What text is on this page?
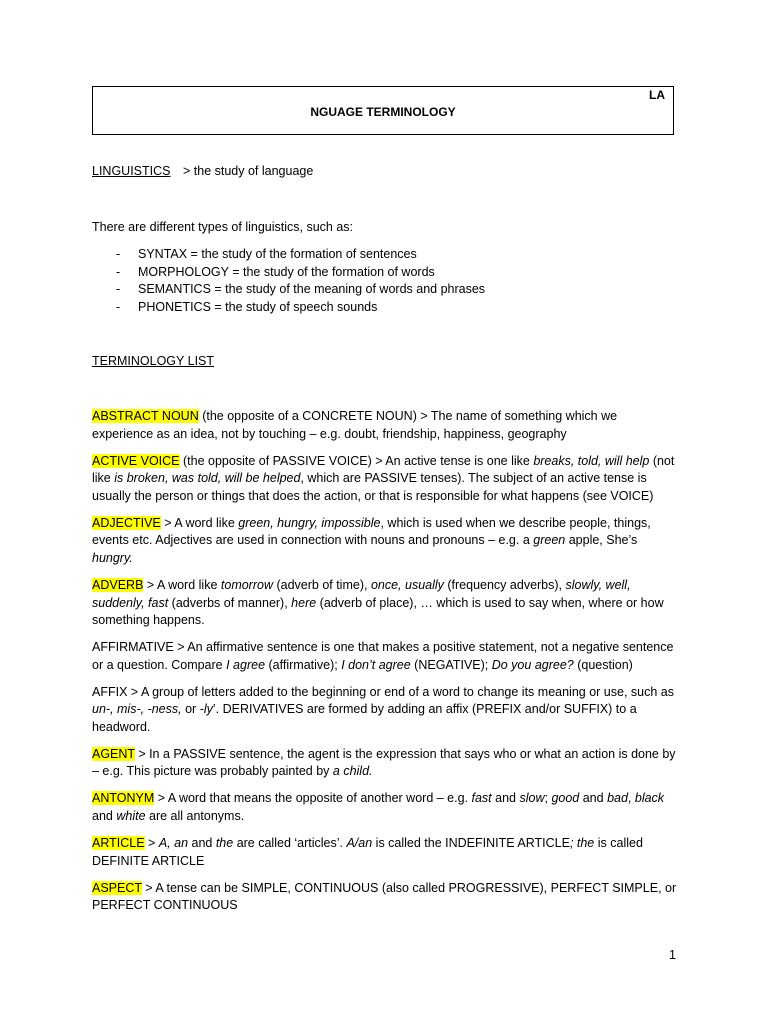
LA
NGUAGE TERMINOLOGY
LINGUISTICS > the study of language
There are different types of linguistics, such as:
- SYNTAX = the study of the formation of sentences
- MORPHOLOGY = the study of the formation of words
- SEMANTICS = the study of the meaning of words and phrases
- PHONETICS = the study of speech sounds
TERMINOLOGY LIST

ABSTRACT NOUN (the opposite of a CONCRETE NOUN) > The name of something which we experience as an idea, not by touching – e.g. doubt, friendship, happiness, geography

ACTIVE VOICE (the opposite of PASSIVE VOICE) > An active tense is one like breaks, told, will help (not like is broken, was told, will be helped, which are PASSIVE tenses). The subject of an active tense is usually the person or things that does the action, or that is responsible for what happens (see VOICE)

ADJECTIVE > A word like green, hungry, impossible, which is used when we describe people, things, events etc. Adjectives are used in connection with nouns and pronouns – e.g. a green apple, She’s hungry.

ADVERB > A word like tomorrow (adverb of time), once, usually (frequency adverbs), slowly, well, suddenly, fast (adverbs of manner), here (adverb of place), … which is used to say when, where or how something happens.

AFFIRMATIVE > An affirmative sentence is one that makes a positive statement, not a negative sentence or a question. Compare I agree (affirmative); I don’t agree (NEGATIVE); Do you agree? (question)

AFFIX > A group of letters added to the beginning or end of a word to change its meaning or use, such as un-, mis-, -ness, or -ly’. DERIVATIVES are formed by adding an affix (PREFIX and/or SUFFIX) to a headword.

AGENT > In a PASSIVE sentence, the agent is the expression that says who or what an action is done by – e.g. This picture was probably painted by a child.

ANTONYM > A word that means the opposite of another word – e.g. fast and slow; good and bad, black and white are all antonyms.

ARTICLE > A, an and the are called ‘articles’. A/an is called the INDEFINITE ARTICLE; the is called DEFINITE ARTICLE

ASPECT > A tense can be SIMPLE, CONTINUOUS (also called PROGRESSIVE), PERFECT SIMPLE, or PERFECT CONTINUOUS

1
